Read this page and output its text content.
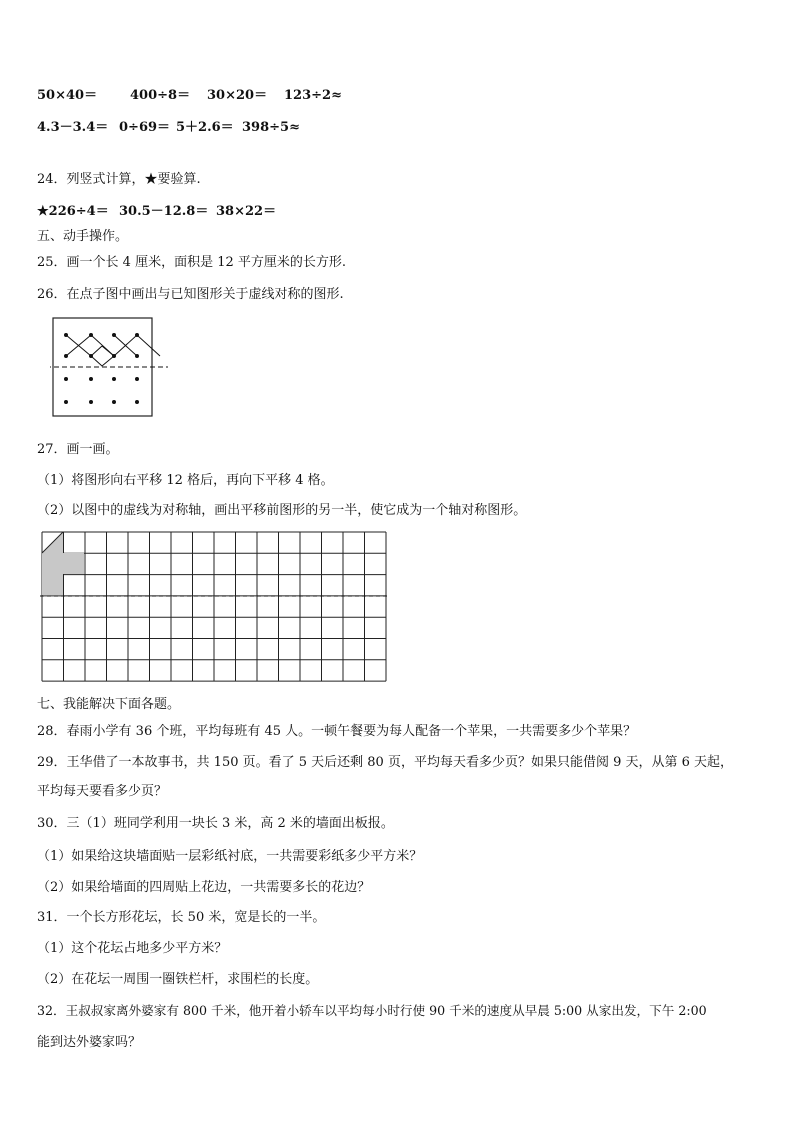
50×40＝	400÷8＝ 30×20＝ 123÷2≈
4.3－3.4＝ 0÷69＝ 5＋2.6＝ 398÷5≈
24．列竖式计算，★要验算.
★226÷4＝ 30.5－12.8＝ 38×22＝
五、动手操作。
25．画一个长 4 厘米，面积是 12 平方厘米的长方形.
26．在点子图中画出与已知图形关于虚线对称的图形.
27．画一画。
（1）将图形向右平移 12 格后，再向下平移 4 格。
（2）以图中的虚线为对称轴，画出平移前图形的另一半，使它成为一个轴对称图形。
七、我能解决下面各题。
28．春雨小学有 36 个班，平均每班有 45 人。一顿午餐要为每人配备一个苹果，一共需要多少个苹果？
29．王华借了一本故事书，共 150 页。看了 5 天后还剩 80 页，平均每天看多少页？如果只能借阅 9 天，从第 6 天起，
平均每天要看多少页？
30．三（1）班同学利用一块长 3 米，高 2 米的墙面出板报。
（1）如果给这块墙面贴一层彩纸衬底，一共需要彩纸多少平方米？
（2）如果给墙面的四周贴上花边，一共需要多长的花边？
31．一个长方形花坛，长 50 米，宽是长的一半。
（1）这个花坛占地多少平方米？
（2）在花坛一周围一圈铁栏杆，求围栏的长度。
32．王叔叔家离外婆家有 800 千米，他开着小轿车以平均每小时行使 90 千米的速度从早晨 5:00 从家出发，下午 2:00
能到达外婆家吗？
